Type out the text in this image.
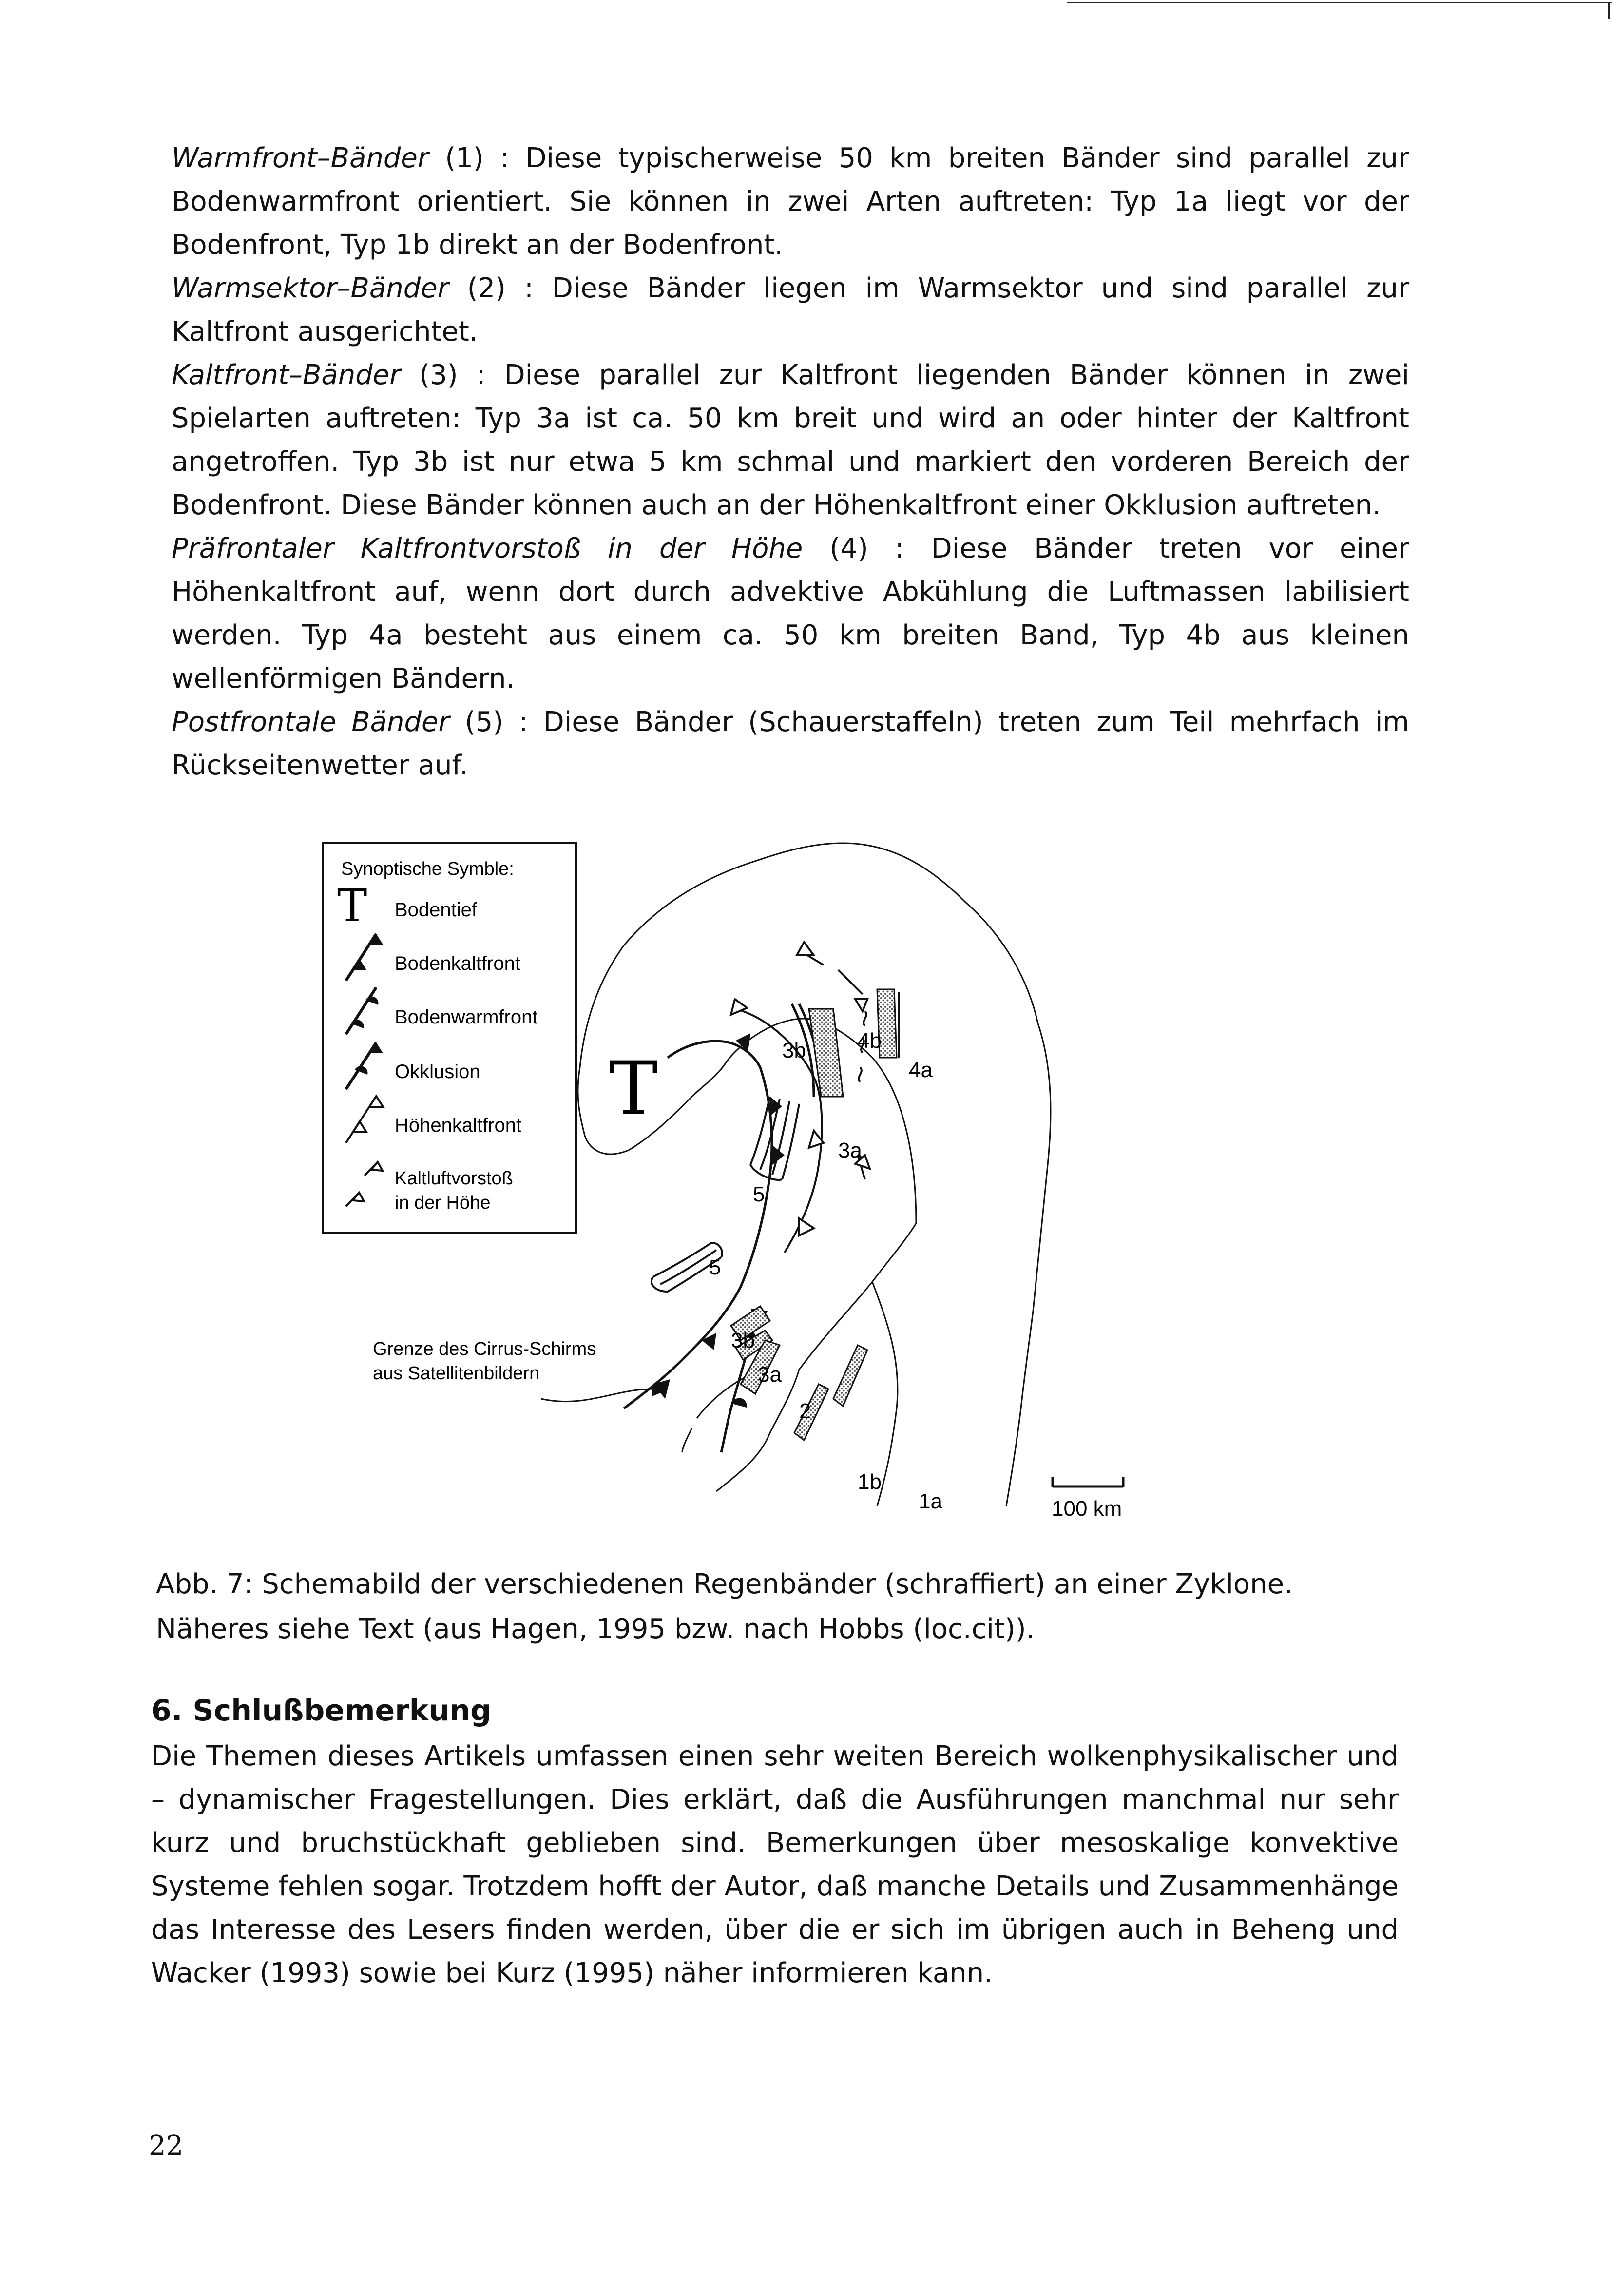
Warmfront–Bänder (1) : Diese typischerweise 50 km breiten Bänder sind parallel zur Bodenwarmfront orientiert. Sie können in zwei Arten auftreten: Typ 1a liegt vor der Bodenfront, Typ 1b direkt an der Bodenfront.

Warmsektor–Bänder (2) : Diese Bänder liegen im Warmsektor und sind parallel zur Kaltfront ausgerichtet.

Kaltfront–Bänder (3) : Diese parallel zur Kaltfront liegenden Bänder können in zwei Spielarten auftreten: Typ 3a ist ca. 50 km breit und wird an oder hinter der Kaltfront angetroffen. Typ 3b ist nur etwa 5 km schmal und markiert den vorderen Bereich der Bodenfront. Diese Bänder können auch an der Höhenkaltfront einer Okklusion auftreten.

Präfrontaler Kaltfrontvorstoß in der Höhe (4) : Diese Bänder treten vor einer Höhenkaltfront auf, wenn dort durch advektive Abkühlung die Luftmassen labilisiert werden. Typ 4a besteht aus einem ca. 50 km breiten Band, Typ 4b aus kleinen wellenförmigen Bändern.

Postfrontale Bänder (5) : Diese Bänder (Schauerstaffeln) treten zum Teil mehrfach im Rückseitenwetter auf.

Synoptische Symble:
T Bodentief
Bodenkaltfront
Bodenwarmfront
Okklusion
Höhenkaltfront
Kaltluftvorstoß
in der Höhe
T	3b 4b
4a
3a
5
5
3b
3a
2
1b
1a
Grenze des Cirrus-Schirms
aus Satellitenbildern
100 km

Abb. 7: Schemabild der verschiedenen Regenbänder (schraffiert) an einer Zyklone. Näheres siehe Text (aus Hagen, 1995 bzw. nach Hobbs (loc.cit)).

6. Schlußbemerkung

Die Themen dieses Artikels umfassen einen sehr weiten Bereich wolkenphysikalischer und – dynamischer Fragestellungen. Dies erklärt, daß die Ausführungen manchmal nur sehr kurz und bruchstückhaft geblieben sind. Bemerkungen über mesoskalige konvektive Systeme fehlen sogar. Trotzdem hofft der Autor, daß manche Details und Zusammenhänge das Interesse des Lesers finden werden, über die er sich im übrigen auch in Beheng und Wacker (1993) sowie bei Kurz (1995) näher informieren kann.

22
